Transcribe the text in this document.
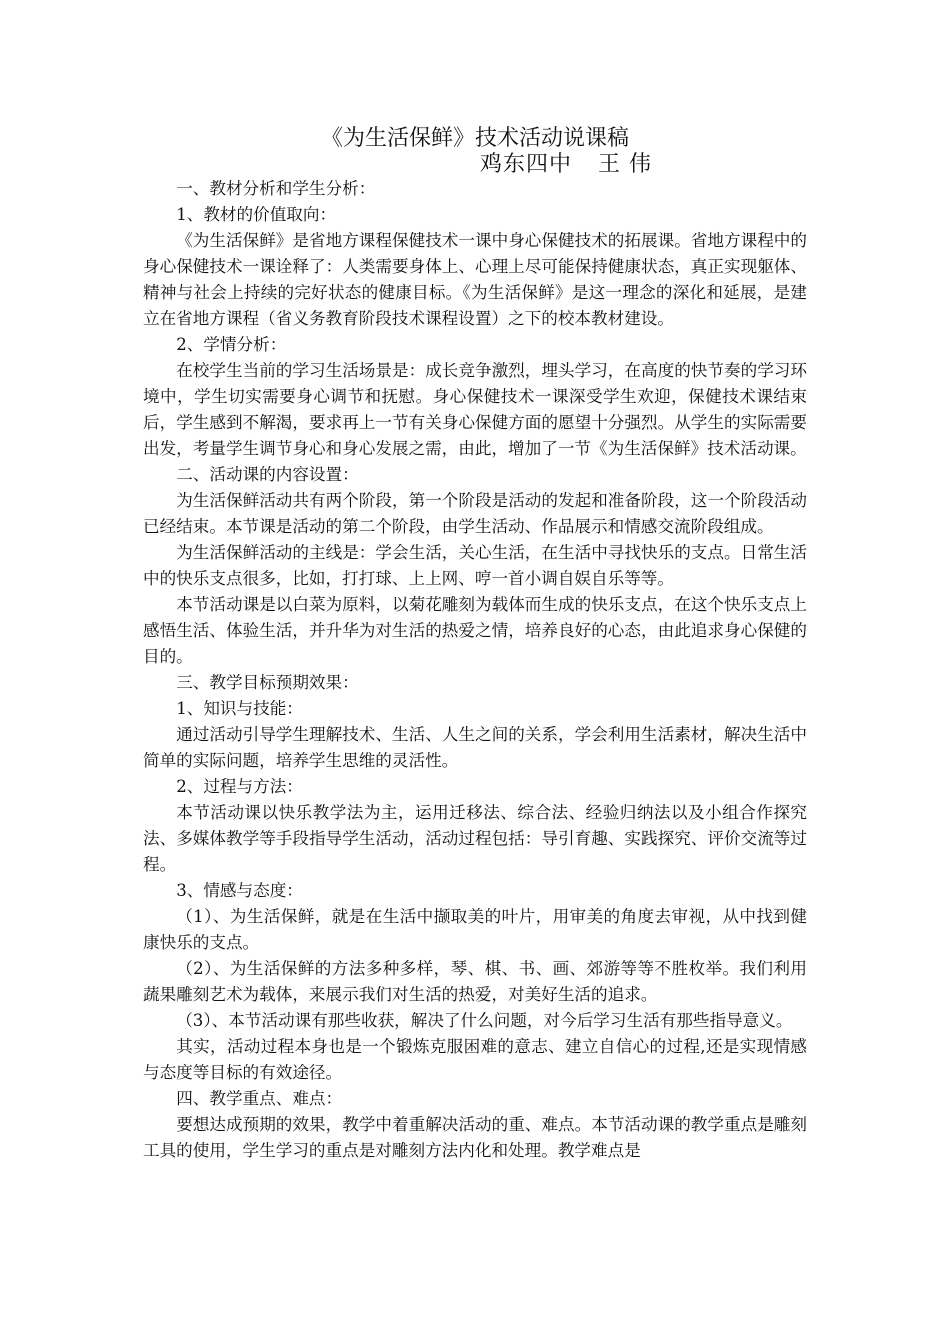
《为生活保鲜》技术活动说课稿
鸡东四中 王 伟

一、教材分析和学生分析：

1、教材的价值取向：

《为生活保鲜》是省地方课程保健技术一课中身心保健技术的拓展课。省地方课程中的身心保健技术一课诠释了：人类需要身体上、心理上尽可能保持健康状态，真正实现躯体、精神与社会上持续的完好状态的健康目标。《为生活保鲜》是这一理念的深化和延展，是建立在省地方课程（省义务教育阶段技术课程设置）之下的校本教材建设。

2、学情分析：

在校学生当前的学习生活场景是：成长竞争激烈，埋头学习，在高度的快节奏的学习环境中，学生切实需要身心调节和抚慰。身心保健技术一课深受学生欢迎，保健技术课结束后，学生感到不解渴，要求再上一节有关身心保健方面的愿望十分强烈。从学生的实际需要出发，考量学生调节身心和身心发展之需，由此，增加了一节《为生活保鲜》技术活动课。

二、活动课的内容设置：

为生活保鲜活动共有两个阶段，第一个阶段是活动的发起和准备阶段，这一个阶段活动已经结束。本节课是活动的第二个阶段，由学生活动、作品展示和情感交流阶段组成。

为生活保鲜活动的主线是：学会生活，关心生活，在生活中寻找快乐的支点。日常生活中的快乐支点很多，比如，打打球、上上网、哼一首小调自娱自乐等等。

本节活动课是以白菜为原料，以菊花雕刻为载体而生成的快乐支点，在这个快乐支点上感悟生活、体验生活，并升华为对生活的热爱之情，培养良好的心态，由此追求身心保健的目的。

三、教学目标预期效果：

1、知识与技能：

通过活动引导学生理解技术、生活、人生之间的关系，学会利用生活素材，解决生活中简单的实际问题，培养学生思维的灵活性。

2、过程与方法：

本节活动课以快乐教学法为主，运用迁移法、综合法、经验归纳法以及小组合作探究法、多媒体教学等手段指导学生活动，活动过程包括：导引育趣、实践探究、评价交流等过程。

3、情感与态度：

（1）、为生活保鲜，就是在生活中撷取美的叶片，用审美的角度去审视，从中找到健康快乐的支点。

（2）、为生活保鲜的方法多种多样，琴、棋、书、画、郊游等等不胜枚举。我们利用蔬果雕刻艺术为载体，来展示我们对生活的热爱，对美好生活的追求。

（3）、本节活动课有那些收获，解决了什么问题，对今后学习生活有那些指导意义。

其实，活动过程本身也是一个锻炼克服困难的意志、建立自信心的过程,还是实现情感与态度等目标的有效途径。

四、教学重点、难点：

要想达成预期的效果，教学中着重解决活动的重、难点。本节活动课的教学重点是雕刻工具的使用，学生学习的重点是对雕刻方法内化和处理。教学难点是
